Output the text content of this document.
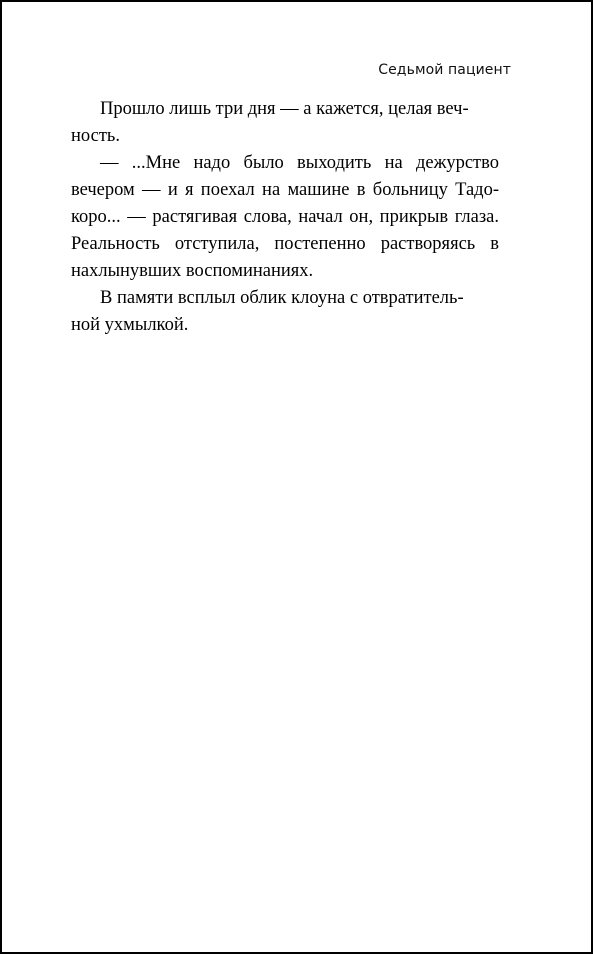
Седьмой пациент

Прошло лишь три дня — а кажется, целая веч-
ность.

— ...Мне надо было выходить на дежурство вечером — и я поехал на машине в больницу Тадо- коро... — растягивая слова, начал он, прикрыв глаза. Реальность отступила, постепенно растворяясь в нахлынувших воспоминаниях.

В памяти всплыл облик клоуна с отвратитель-
ной ухмылкой.
